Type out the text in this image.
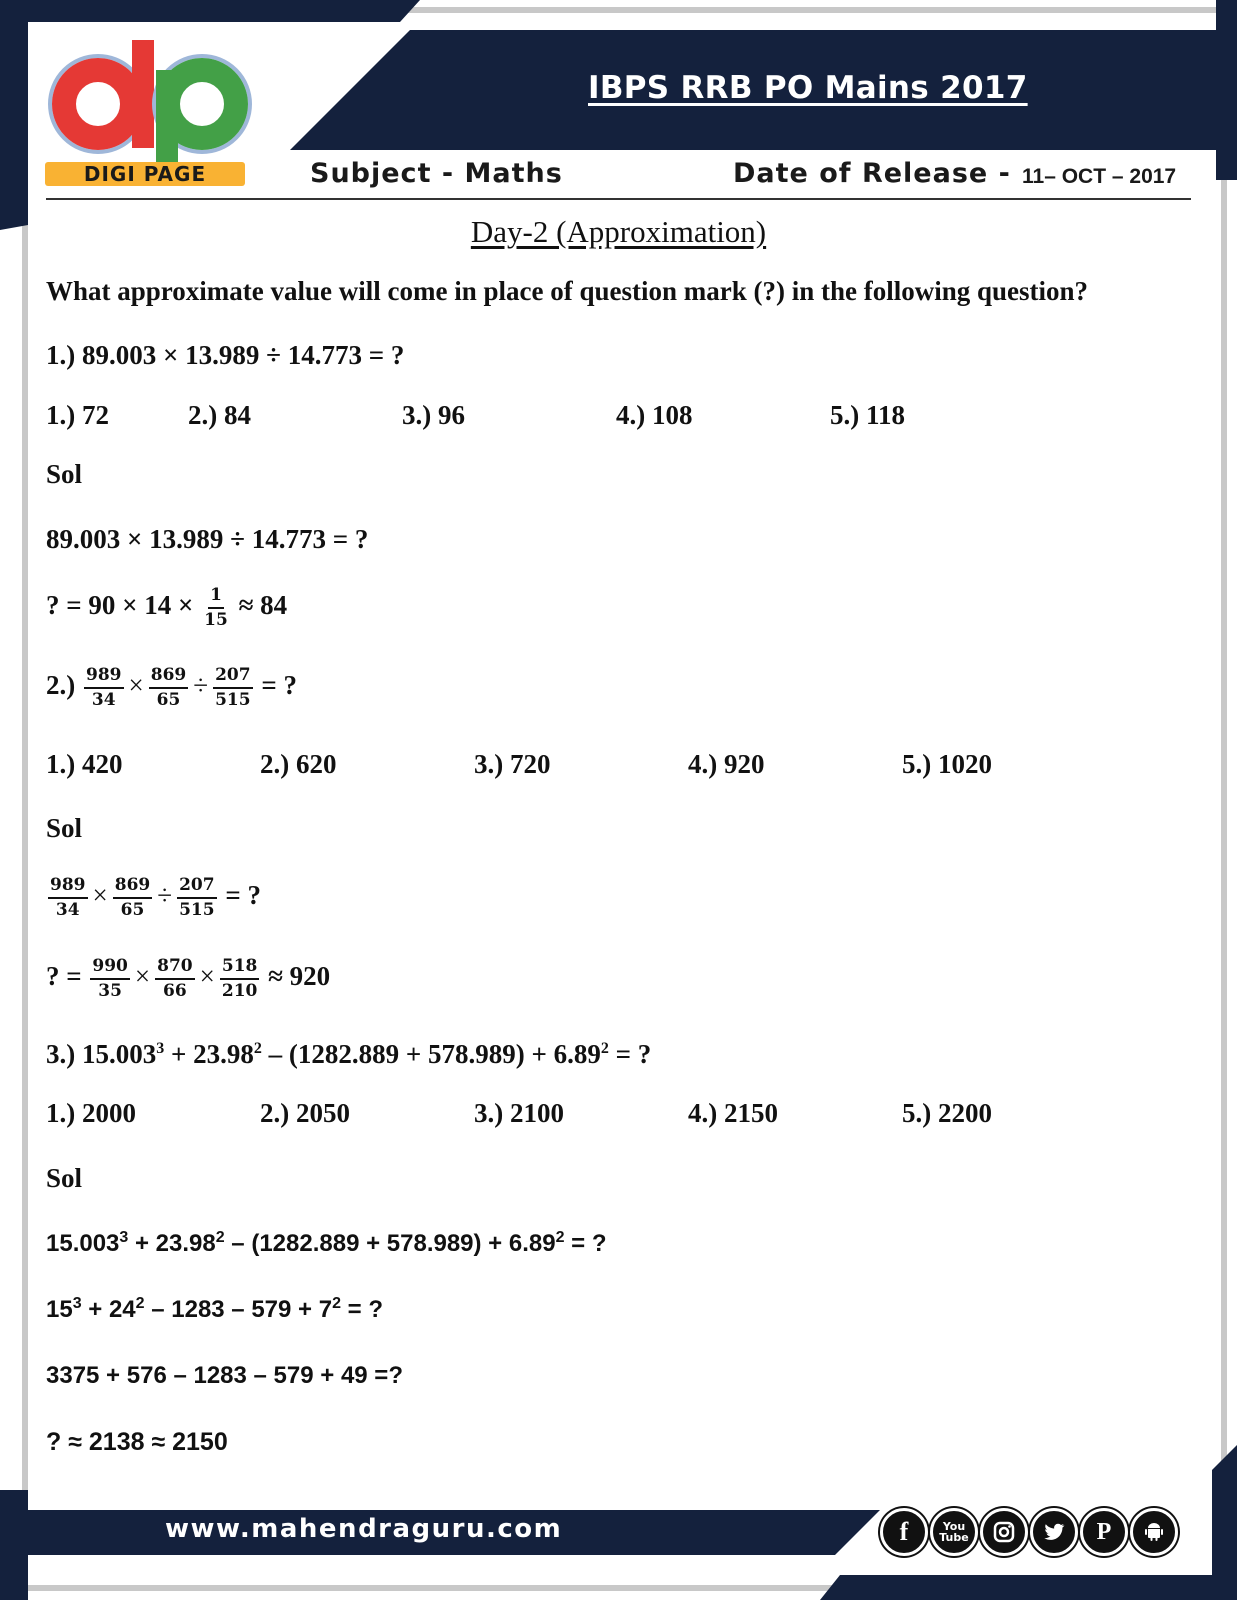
DIGI PAGE
IBPS RRB PO Mains 2017
Subject - Maths	Date of Release - 11– OCT – 2017
Day-2 (Approximation)
What approximate value will come in place of question mark (?) in the following question?
1.) 89.003 × 13.989 ÷ 14.773 = ?
1.) 72	2.) 84	3.) 96	4.) 108	5.) 118
Sol
89.003 × 13.989 ÷ 14.773 = ?
? = $90 \times 14 \times \frac{1}{15} \approx 84$
$2.) \frac{989}{34} \times \frac{869}{65} \div \frac{207}{515}$ = ?
1.) 420	2.) 620	3.) 720	4.) 920	5.) 1020
Sol
$\frac{989}{34} \times \frac{869}{65} \div \frac{207}{515}$ = ?
? = $\frac{990}{35} \times \frac{870}{66} \times \frac{518}{210} \approx 920$
3.) $15.003^3 + 23.98^2 - (1282.889 + 578.989) + 6.89^2$ = ?
1.) 2000	2.) 2050	3.) 2100	4.) 2150	5.) 2200
Sol
$15.003^3 + 23.98^2 - (1282.889 + 578.989) + 6.89^2$ = ?
$15^3 + 24^2 - 1283 - 579 + 7^2$ = ?
3375 + 576 – 1283 – 579 + 49 =?
? ≈ 2138 ≈ 2150
www.mahendraguru.com	f	You
Tube	P
